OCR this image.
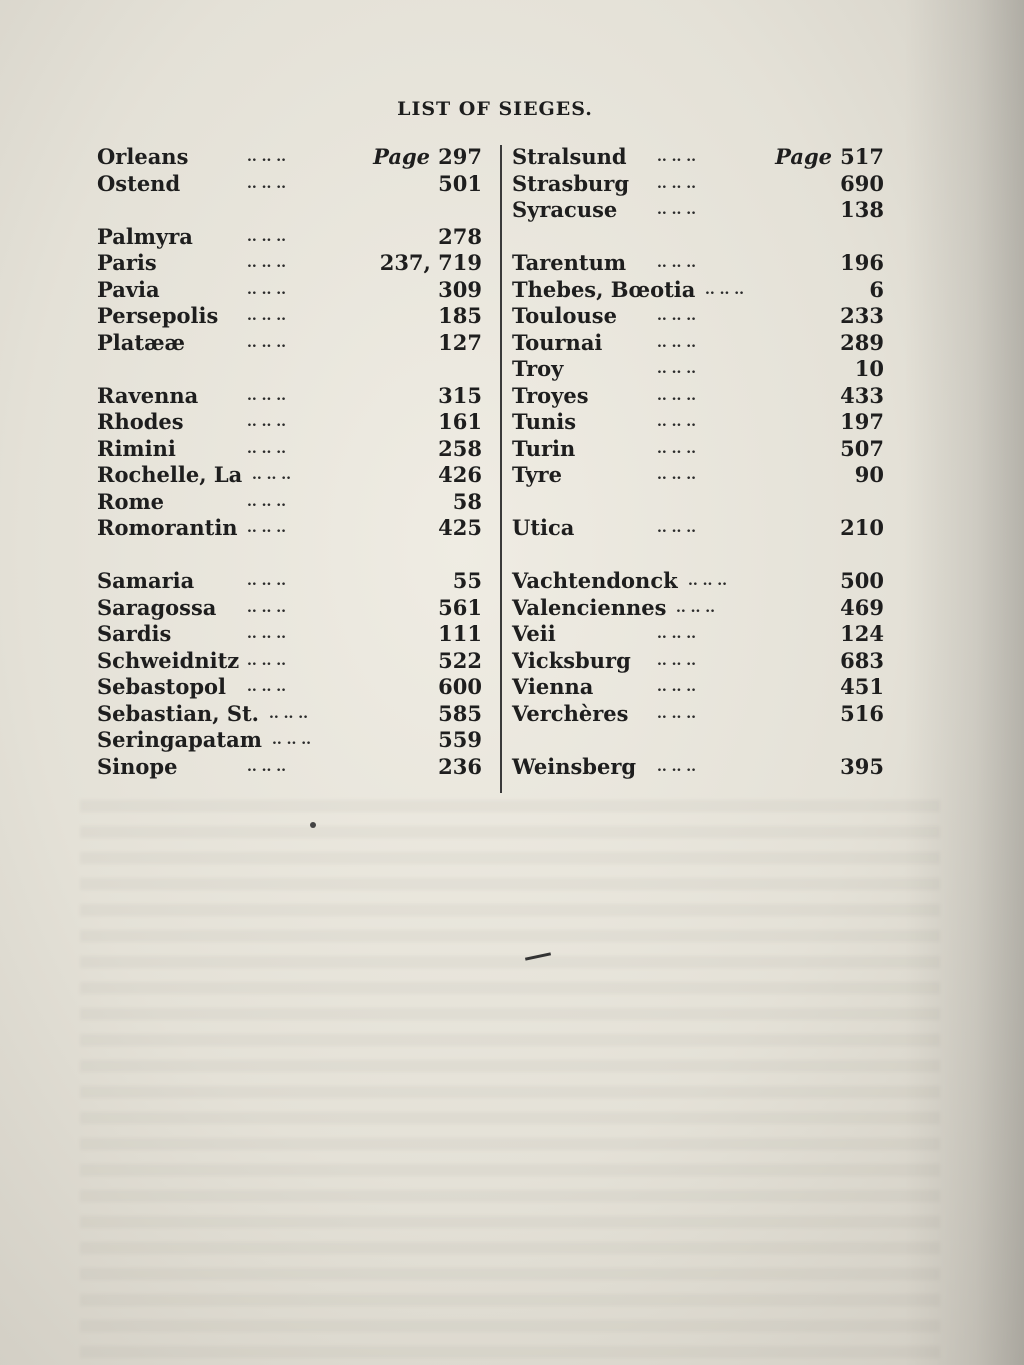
LIST OF SIEGES.
Orleans	.. .. ..	Page 297
Ostend	.. .. ..	501
Palmyra	.. .. ..	278
Paris	.. .. ..	237, 719
Pavia	.. .. ..	309
Persepolis .. .. ..	185
Platææ	.. .. ..	127
Ravenna	.. .. ..	315
Rhodes	.. .. ..	161
Rimini	.. .. ..	258
Rochelle, La .. .. ..	426
Rome	.. .. ..	58
Romorantin .. .. ..	425
Samaria	.. .. ..	55
Saragossa .. .. ..	561
Sardis	.. .. ..	111
Schweidnitz .. .. ..	522
Sebastopol .. .. ..	600
Sebastian, St. .. .. ..	585
Seringapatam .. .. ..	559
Sinope	.. .. ..	236
Stralsund .. .. ..	Page 517
Strasburg .. .. ..	690
Syracuse	.. .. ..	138
Tarentum .. .. ..	196
Thebes, Bœotia .. .. ..	6
Toulouse	.. .. ..	233
Tournai	.. .. ..	289
Troy	.. .. ..	10
Troyes	.. .. ..	433
Tunis	.. .. ..	197
Turin	.. .. ..	507
Tyre	.. .. ..	90
Utica	.. .. ..	210
Vachtendonck .. .. ..	500
Valenciennes .. .. ..	469
Veii	.. .. ..	124
Vicksburg .. .. ..	683
Vienna	.. .. ..	451
Verchères .. .. ..	516
Weinsberg .. .. ..	395
